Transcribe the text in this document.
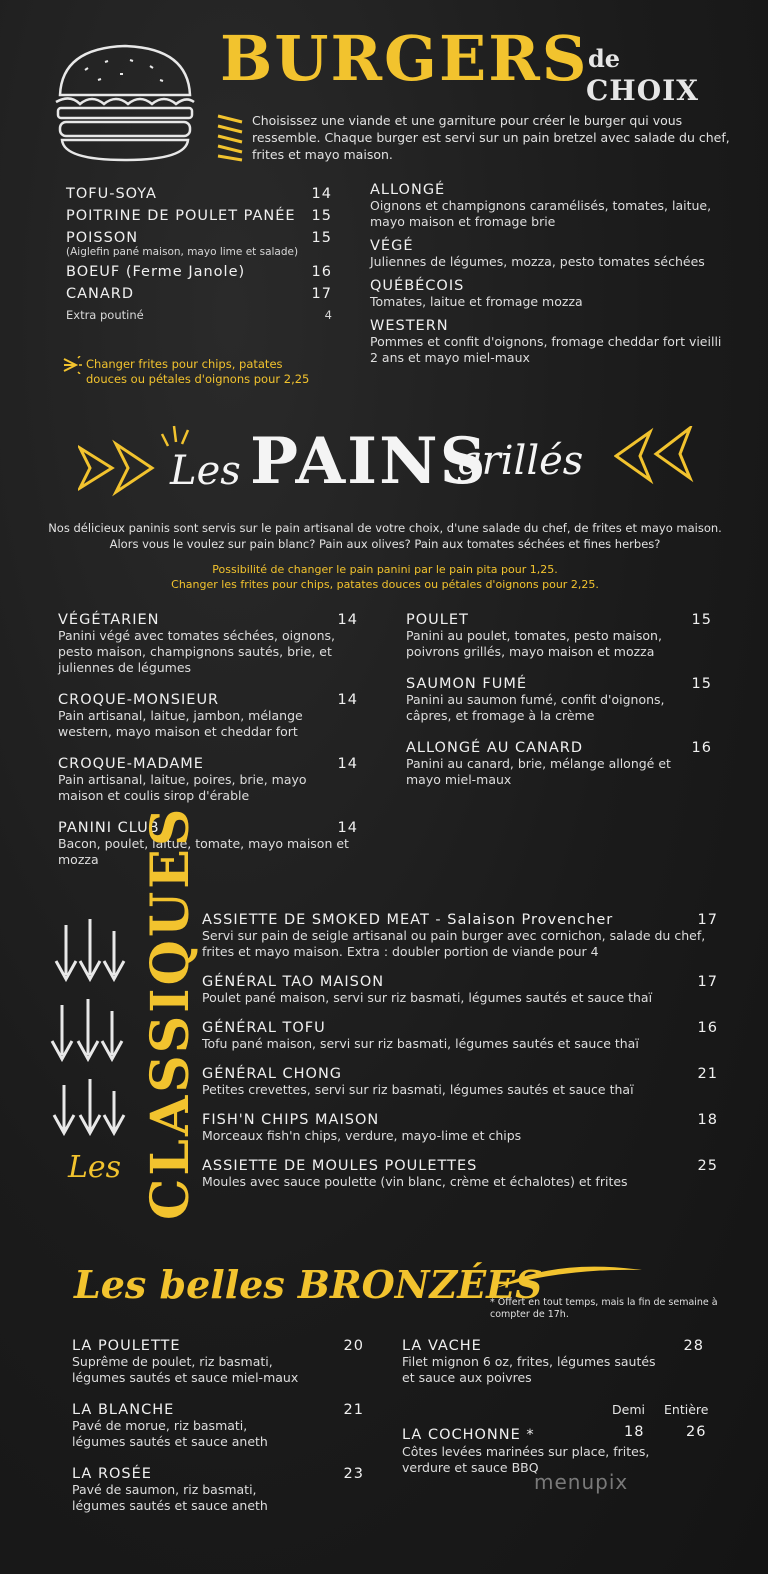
BURGERS de
CHOIX
Choisissez une viande et une garniture pour créer le burger qui vous ressemble. Chaque burger est servi sur un pain bretzel avec salade du chef, frites et mayo maison.
TOFU-SOYA	14
POITRINE DE POULET PANÉE 15
POISSON	15
(Aiglefin pané maison, mayo lime et salade)
BOEUF (Ferme Janole)	16
CANARD	17
Extra poutiné	4
Changer frites pour chips, patates douces ou pétales d'oignons pour 2,25
ALLONGÉ
Oignons et champignons caramélisés, tomates, laitue, mayo maison et fromage brie
VÉGÉ
Juliennes de légumes, mozza, pesto tomates séchées
QUÉBÉCOIS
Tomates, laitue et fromage mozza
WESTERN
Pommes et confit d'oignons, fromage cheddar fort vieilli 2 ans et mayo miel-maux
Les PAINS
grillés
Nos délicieux paninis sont servis sur le pain artisanal de votre choix, d'une salade du chef, de frites et mayo maison.
Alors vous le voulez sur pain blanc? Pain aux olives? Pain aux tomates séchées et fines herbes?
Possibilité de changer le pain panini par le pain pita pour 1,25.
Changer les frites pour chips, patates douces ou pétales d'oignons pour 2,25.
VÉGÉTARIEN	14
Panini végé avec tomates séchées, oignons, pesto maison, champignons sautés, brie, et juliennes de légumes
CROQUE-MONSIEUR	14
Pain artisanal, laitue, jambon, mélange western, mayo maison et cheddar fort
CROQUE-MADAME	14
Pain artisanal, laitue, poires, brie, mayo maison et coulis sirop d'érable
PANINI CLUB	14
Bacon, poulet, laitue, tomate, mayo maison et mozza
POULET	15
Panini au poulet, tomates, pesto maison, poivrons grillés, mayo maison et mozza
SAUMON FUMÉ	15
Panini au saumon fumé, confit d'oignons, câpres, et fromage à la crème
ALLONGÉ AU CANARD	16
Panini au canard, brie, mélange allongé et mayo miel-maux
Les CLASSIQUES ASSIETTE DE SMOKED MEAT - Salaison Provencher	17
Servi sur pain de seigle artisanal ou pain burger avec cornichon, salade du chef, frites et mayo maison. Extra : doubler portion de viande pour 4
GÉNÉRAL TAO MAISON	17
Poulet pané maison, servi sur riz basmati, légumes sautés et sauce thaï
GÉNÉRAL TOFU	16
Tofu pané maison, servi sur riz basmati, légumes sautés et sauce thaï
GÉNÉRAL CHONG	21
Petites crevettes, servi sur riz basmati, légumes sautés et sauce thaï
FISH'N CHIPS MAISON	18
Morceaux fish'n chips, verdure, mayo-lime et chips
ASSIETTE DE MOULES POULETTES	25
Moules avec sauce poulette (vin blanc, crème et échalotes) et frites
Les belles BRONZÉES
* Offert en tout temps, mais la fin de semaine à compter de 17h.
LA POULETTE	20
Suprême de poulet, riz basmati, légumes sautés et sauce miel-maux
LA BLANCHE	21
Pavé de morue, riz basmati, légumes sautés et sauce aneth
LA ROSÉE	23
Pavé de saumon, riz basmati, légumes sautés et sauce aneth
LA VACHE	28
Filet mignon 6 oz, frites, légumes sautés et sauce aux poivres
Demi Entière
LA COCHONNE *	18	26
Côtes levées marinées sur place, frites, verdure et sauce BBQ
menupix
